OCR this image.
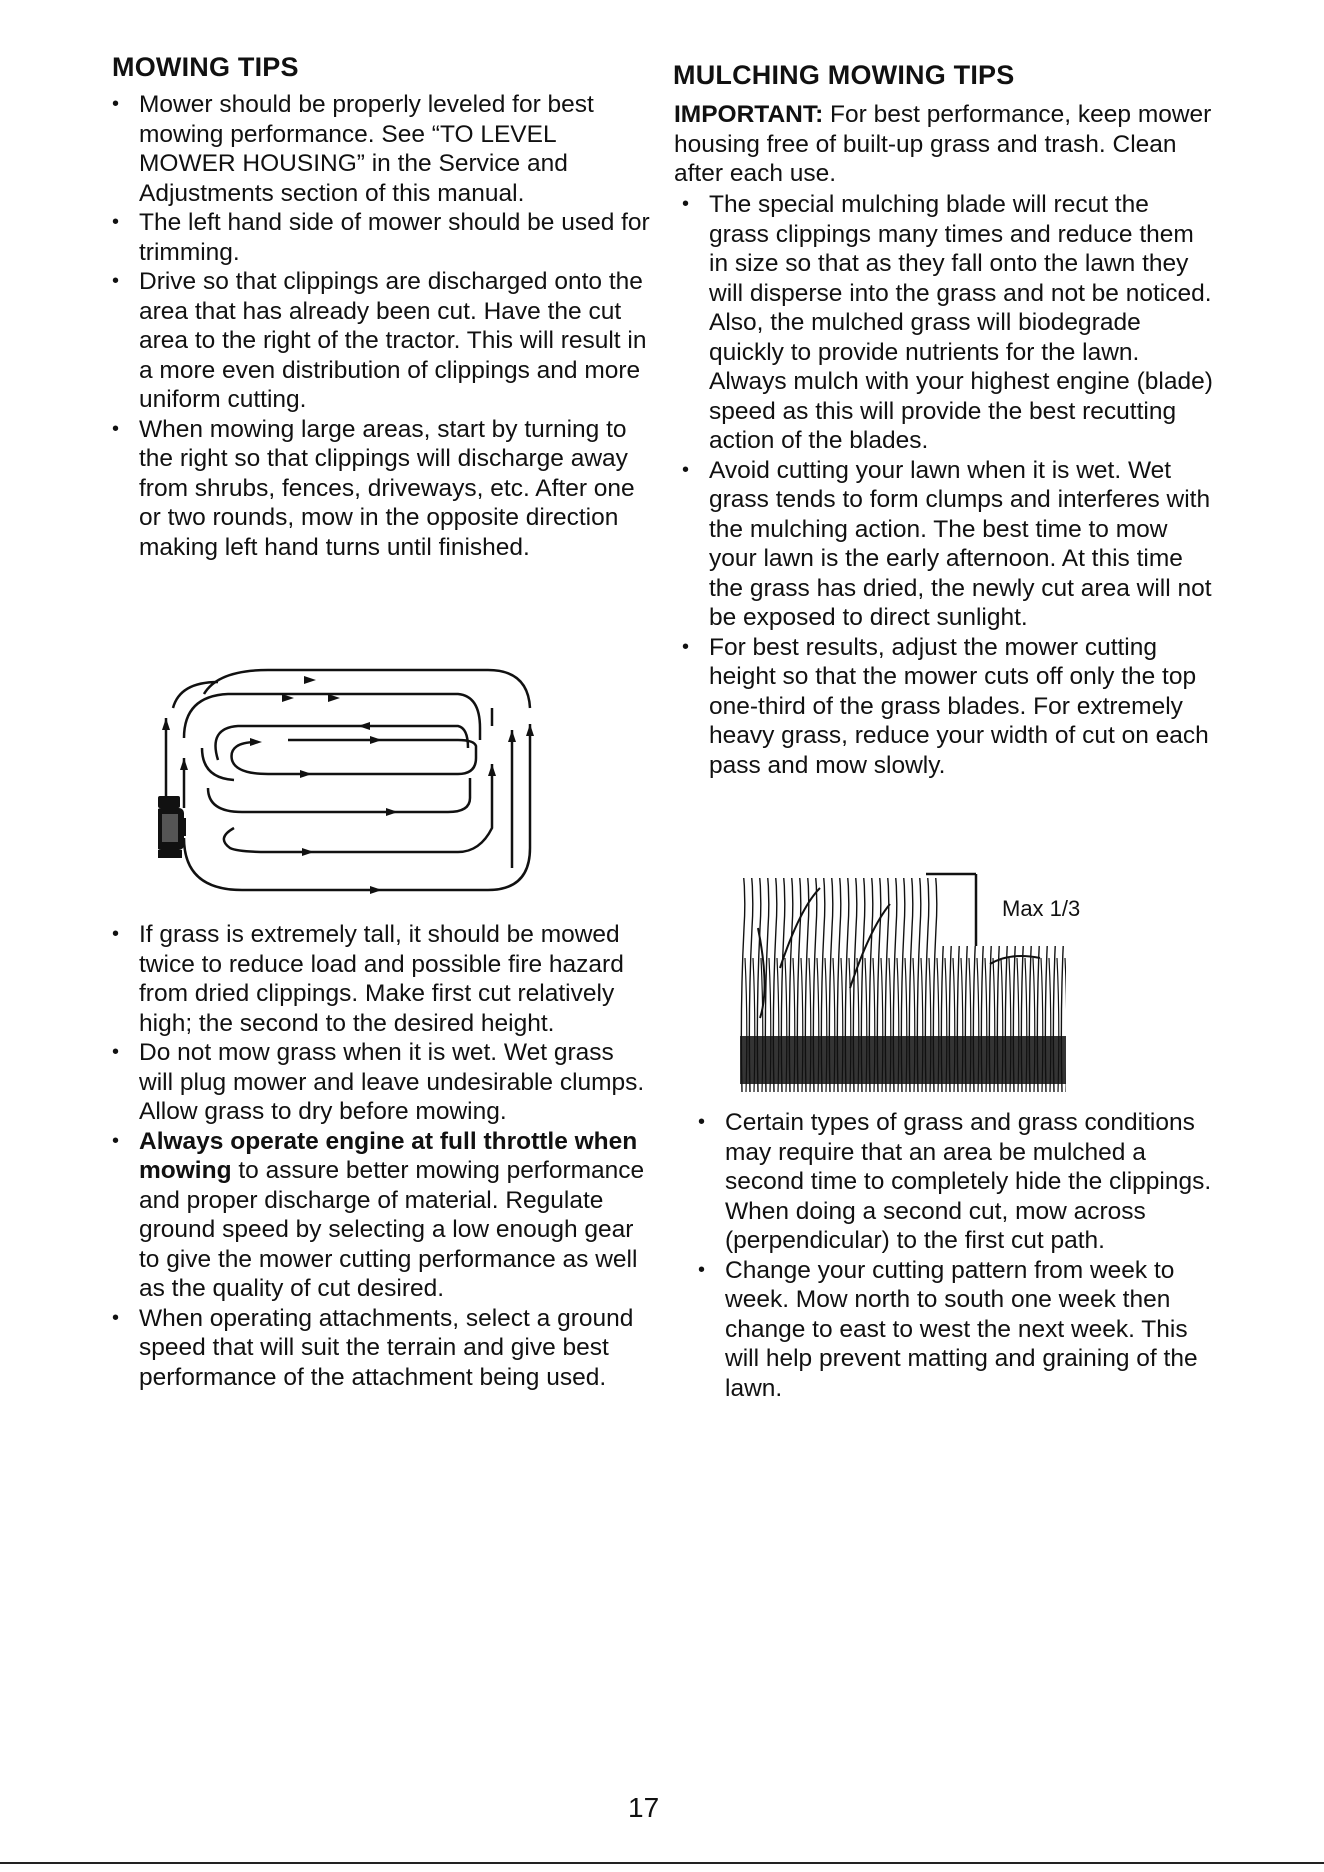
MOWING TIPS
• Mower should be properly leveled for best mowing performance. See “TO LEVEL MOWER HOUSING” in the Service and Adjustments section of this manual.
• The left hand side of mower should be used for trimming.
• Drive so that clippings are discharged onto the area that has already been cut. Have the cut area to the right of the tractor. This will result in a more even distribution of clippings and more uniform cutting.
• When mowing large areas, start by turning to the right so that clippings will discharge away from shrubs, fences, driveways, etc. After one or two rounds, mow in the opposite direction making left hand turns until finished.
• If grass is extremely tall, it should be mowed twice to reduce load and possible fire hazard from dried clippings. Make first cut relatively high; the second to the desired height.
• Do not mow grass when it is wet. Wet grass will plug mower and leave undesirable clumps. Allow grass to dry before mowing.
• Always operate engine at full throttle when mowing to assure better mowing performance and proper discharge of material. Regulate ground speed by selecting a low enough gear to give the mower cutting performance as well as the quality of cut desired.
• When operating attachments, select a ground speed that will suit the terrain and give best performance of the attachment being used.
MULCHING MOWING TIPS

IMPORTANT: For best performance, keep mower housing free of built-up grass and trash. Clean after each use.

• The special mulching blade will recut the grass clippings many times and reduce them in size so that as they fall onto the lawn they will disperse into the grass and not be noticed. Also, the mulched grass will biodegrade quickly to provide nutrients for the lawn. Always mulch with your highest engine (blade) speed as this will provide the best recutting action of the blades.
• Avoid cutting your lawn when it is wet. Wet grass tends to form clumps and interferes with the mulching action. The best time to mow your lawn is the early afternoon. At this time the grass has dried, the newly cut area will not be exposed to direct sunlight.
• For best results, adjust the mower cutting height so that the mower cuts off only the top one-third of the grass blades. For extremely heavy grass, reduce your width of cut on each pass and mow slowly.
Max 1/3
• Certain types of grass and grass conditions may require that an area be mulched a second time to completely hide the clippings. When doing a second cut, mow across (perpendicular) to the first cut path.
• Change your cutting pattern from week to week. Mow north to south one week then change to east to west the next week. This will help prevent matting and graining of the lawn.
17
